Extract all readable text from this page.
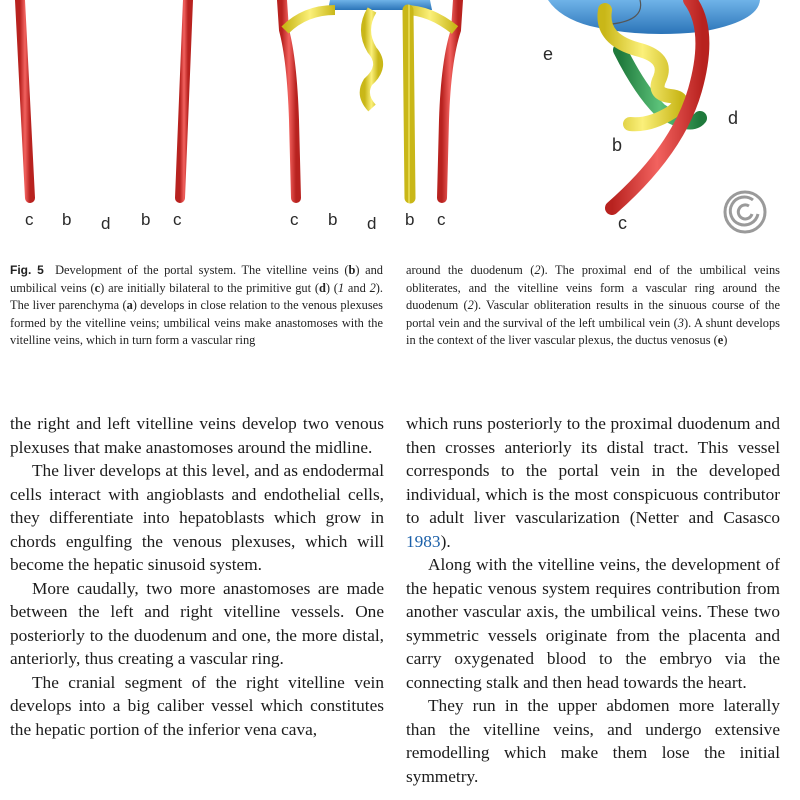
c b d b c	c b d b c
e
d
b
c
Fig. 5 Development of the portal system. The vitelline veins (b) and umbilical veins (c) are initially bilateral to the primitive gut (d) (1 and 2). The liver parenchyma (a) develops in close relation to the venous plexuses formed by the vitelline veins; umbilical veins make anastomoses with the vitelline veins, which in turn form a vascular ring
around the duodenum (2). The proximal end of the umbilical veins obliterates, and the vitelline veins form a vascular ring around the duodenum (2). Vascular obliteration results in the sinuous course of the portal vein and the survival of the left umbilical vein (3). A shunt develops in the context of the liver vascular plexus, the ductus venosus (e)

the right and left vitelline veins develop two venous plexuses that make anastomoses around the midline.

The liver develops at this level, and as endodermal cells interact with angioblasts and endothelial cells, they differentiate into hepatoblasts which grow in chords engulfing the venous plexuses, which will become the hepatic sinusoid system.

More caudally, two more anastomoses are made between the left and right vitelline vessels. One posteriorly to the duodenum and one, the more distal, anteriorly, thus creating a vascular ring.

The cranial segment of the right vitelline vein develops into a big caliber vessel which constitutes the hepatic portion of the inferior vena cava,

which runs posteriorly to the proximal duodenum and then crosses anteriorly its distal tract. This vessel corresponds to the portal vein in the developed individual, which is the most conspicuous contributor to adult liver vascularization (Netter and Casasco 1983).

Along with the vitelline veins, the development of the hepatic venous system requires contribution from another vascular axis, the umbilical veins. These two symmetric vessels originate from the placenta and carry oxygenated blood to the embryo via the connecting stalk and then head towards the heart.

They run in the upper abdomen more laterally than the vitelline veins, and undergo extensive remodelling which make them lose the initial symmetry.
